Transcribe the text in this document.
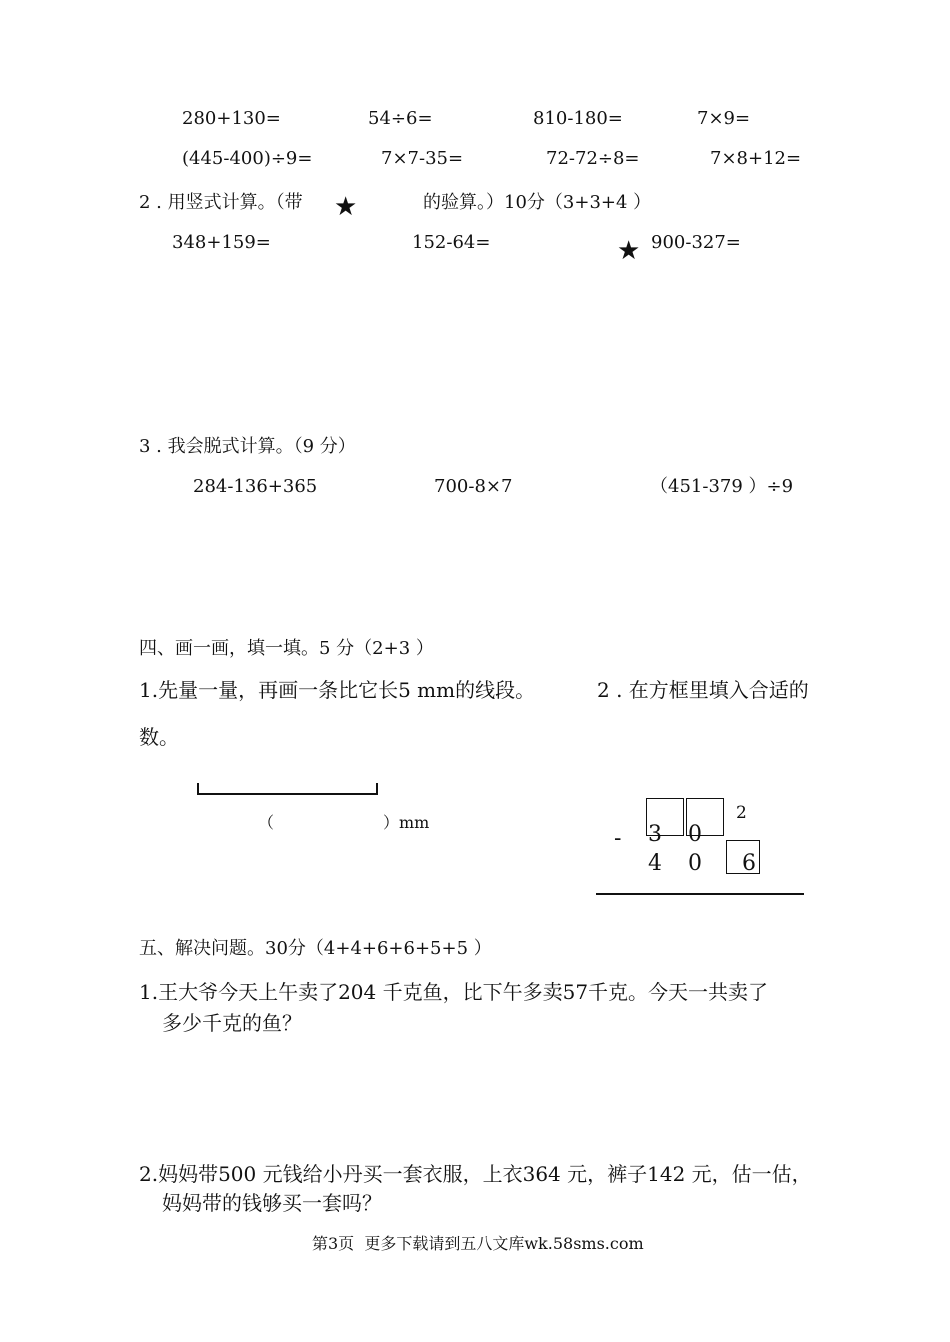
280+130=	54÷6=	810-180=	7×9=
(445-400)÷9=	7×7-35=	72-72÷8=	7×8+12=
2 . 用竖式计算。（带 ★	的验算。）10分（3+3+4 ）
348+159=	152-64=	★ 900-327=
3 . 我会脱式计算。（9 分）
284-136+365	700-8×7	（451-379 ）÷9
四、画一画，填一填。5 分（2+3 ）
1.先量一量，再画一条比它长5 mm的线段。	2 . 在方框里填入合适的
数。
（	）mm
- 3 0
2
4 0 6
五、解决问题。30分（4+4+6+6+5+5 ）
1.王大爷今天上午卖了204 千克鱼，比下午多卖57千克。今天一共卖了
多少千克的鱼？
2.妈妈带500 元钱给小丹买一套衣服，上衣364 元，裤子142 元，估一估，
妈妈带的钱够买一套吗？
第3页  更多下载请到五八文库wk.58sms.com
